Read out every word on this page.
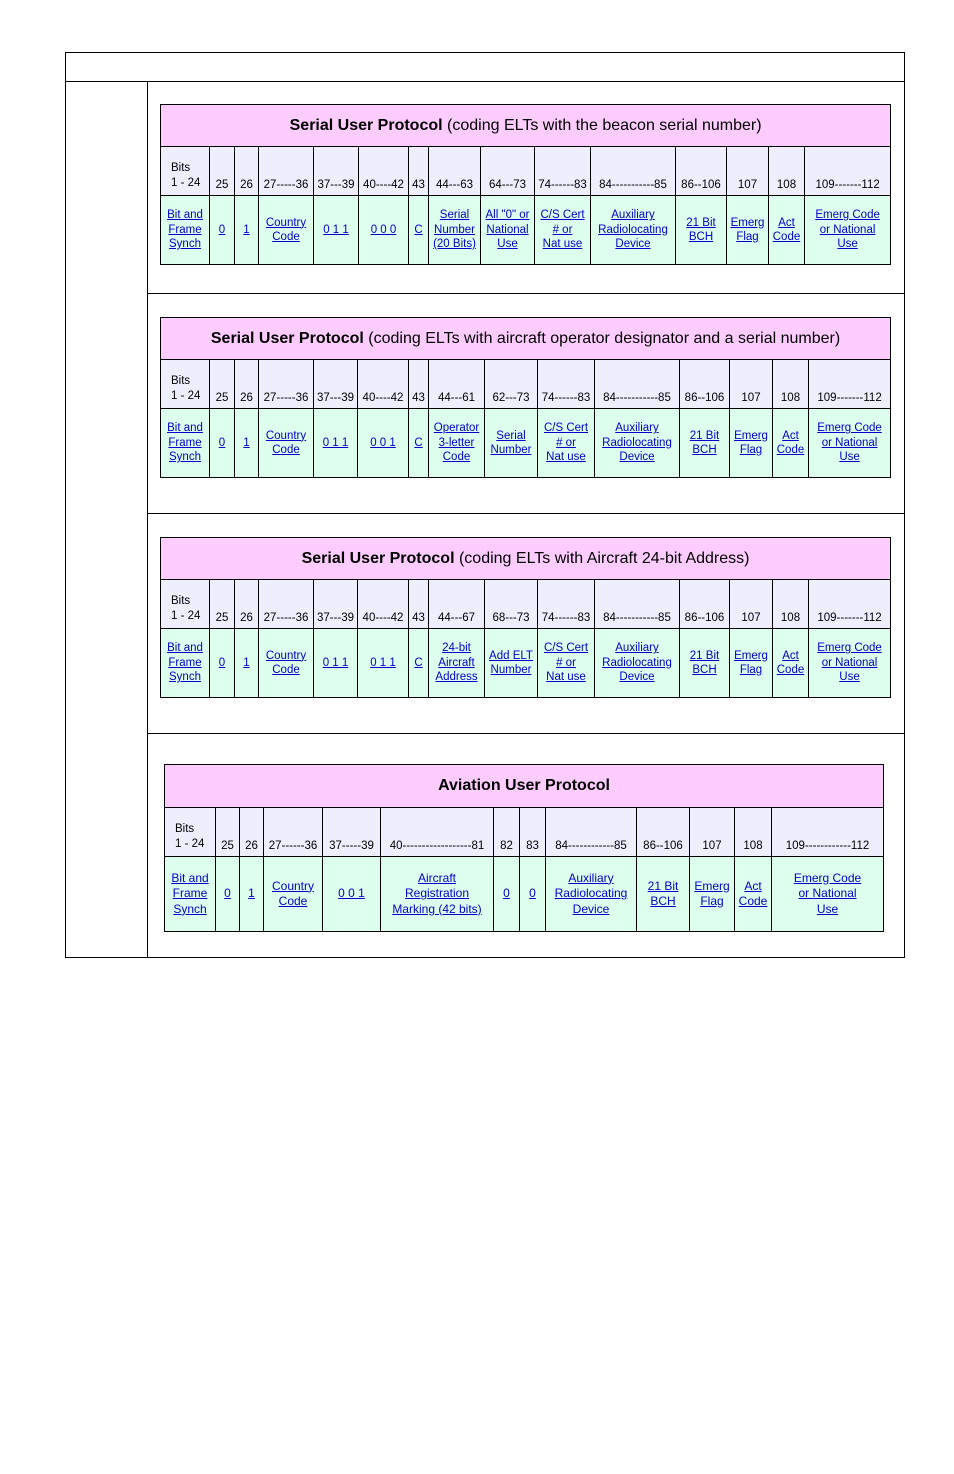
Serial User Protocol (coding ELTs with the beacon serial number)														

Bits
1 - 24	25	26	27-----36	37---39	40----42	43	44---63	64---73	74------83	84-----------85	86--106	107	108	109-------112
Bit and
Frame
Synch	0	1	Country
Code	0 1 1	0 0 0	C	Serial
Number
(20 Bits)	All "0" or
National
Use	C/S Cert
# or
Nat use	Auxiliary
Radiolocating
Device	21 Bit
BCH	Emerg
Flag	Act
Code	Emerg Code
or National
Use
Serial User Protocol (coding ELTs with aircraft operator designator and a serial number)														

Bits
1 - 24	25	26	27-----36	37---39	40----42	43	44---61	62---73	74------83	84-----------85	86--106	107	108	109-------112
Bit and
Frame
Synch	0	1	Country
Code	0 1 1	0 0 1	C	Operator
3-letter
Code	Serial
Number	C/S Cert
# or
Nat use	Auxiliary
Radiolocating
Device	21 Bit
BCH	Emerg
Flag	Act
Code	Emerg Code
or National
Use
Serial User Protocol (coding ELTs with Aircraft 24-bit Address)														

Bits
1 - 24	25	26	27-----36	37---39	40----42	43	44---67	68---73	74------83	84-----------85	86--106	107	108	109-------112
Bit and
Frame
Synch	0	1	Country
Code	0 1 1	0 1 1	C	24-bit
Aircraft
Address	Add ELT
Number	C/S Cert
# or
Nat use	Auxiliary
Radiolocating
Device	21 Bit
BCH	Emerg
Flag	Act
Code	Emerg Code
or National
Use
Aviation User Protocol												

Bits
1 - 24	25	26	27------36	37-----39	40------------------81	82	83	84------------85	86--106	107	108	109------------112
Bit and
Frame
Synch	0	1	Country
Code	0 0 1	Aircraft
Registration
Marking (42 bits)	0	0	Auxiliary
Radiolocating
Device	21 Bit
BCH	Emerg
Flag	Act
Code	Emerg Code
or National
Use
